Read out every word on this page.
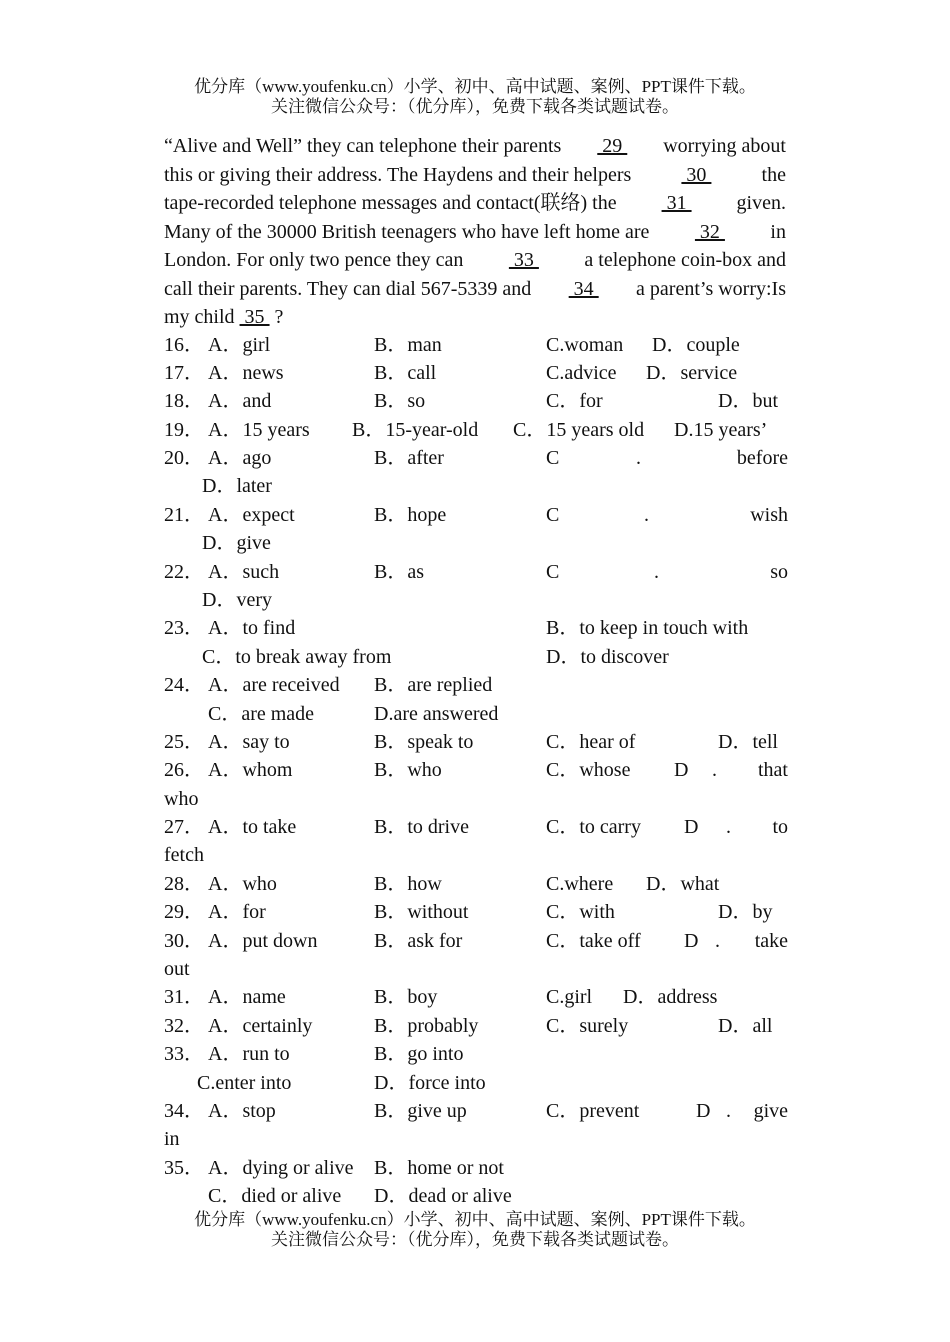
优分库（www.youfenku.cn）小学、初中、高中试题、案例、PPT课件下载。
关注微信公众号：（优分库），免费下载各类试题试卷。
“Alive and Well” they can telephone their parents 29 worrying about
this or giving their address. The Haydens and their helpers	30	the
tape-recorded telephone messages and contact(联络) the 31 given.
Many of the 30000 British teenagers who have left home are 32 in
London. For only two pence they can 33 a telephone coin-box and
call their parents. They can dial 567-5339 and 34 a parent’s worry:Is
my child 35 ?
16． A．girl	B．man	C.woman D．couple
17． A．news	B．call	C.advice D．service
18． A．and	B．so	C．for	D．but
19． A．15 years B．15-year-old C．15 years old D.15 years’
20． A．ago	B．after	C	.	before
D．later
21． A．expect	B．hope	C	.	wish
D．give
22． A．such	B．as	C	.	so
D．very
23． A．to find	B．to keep in touch with
C．to break away from	D．to discover
24． A．are received B．are replied
C．are made	D.are answered
25． A．say to	B．speak to	C．hear of	D．tell
26． A．whom	B．who	C．whose D . that
who
27． A．to take	B．to drive	C．to carry D . to
fetch
28． A．who	B．how	C.where D．what
29． A．for	B．without	C．with	D．by
30． A．put down	B．ask for	C．take off D . take
out
31． A．name	B．boy	C.girl D．address
32． A．certainly	B．probably	C．surely	D．all
33． A．run to	B．go into
C.enter into	D．force into
34． A．stop	B．give up	C．prevent	D . give
in
35． A．dying or alive B．home or not
C．died or alive D．dead or alive
优分库（www.youfenku.cn）小学、初中、高中试题、案例、PPT课件下载。
关注微信公众号：（优分库），免费下载各类试题试卷。
